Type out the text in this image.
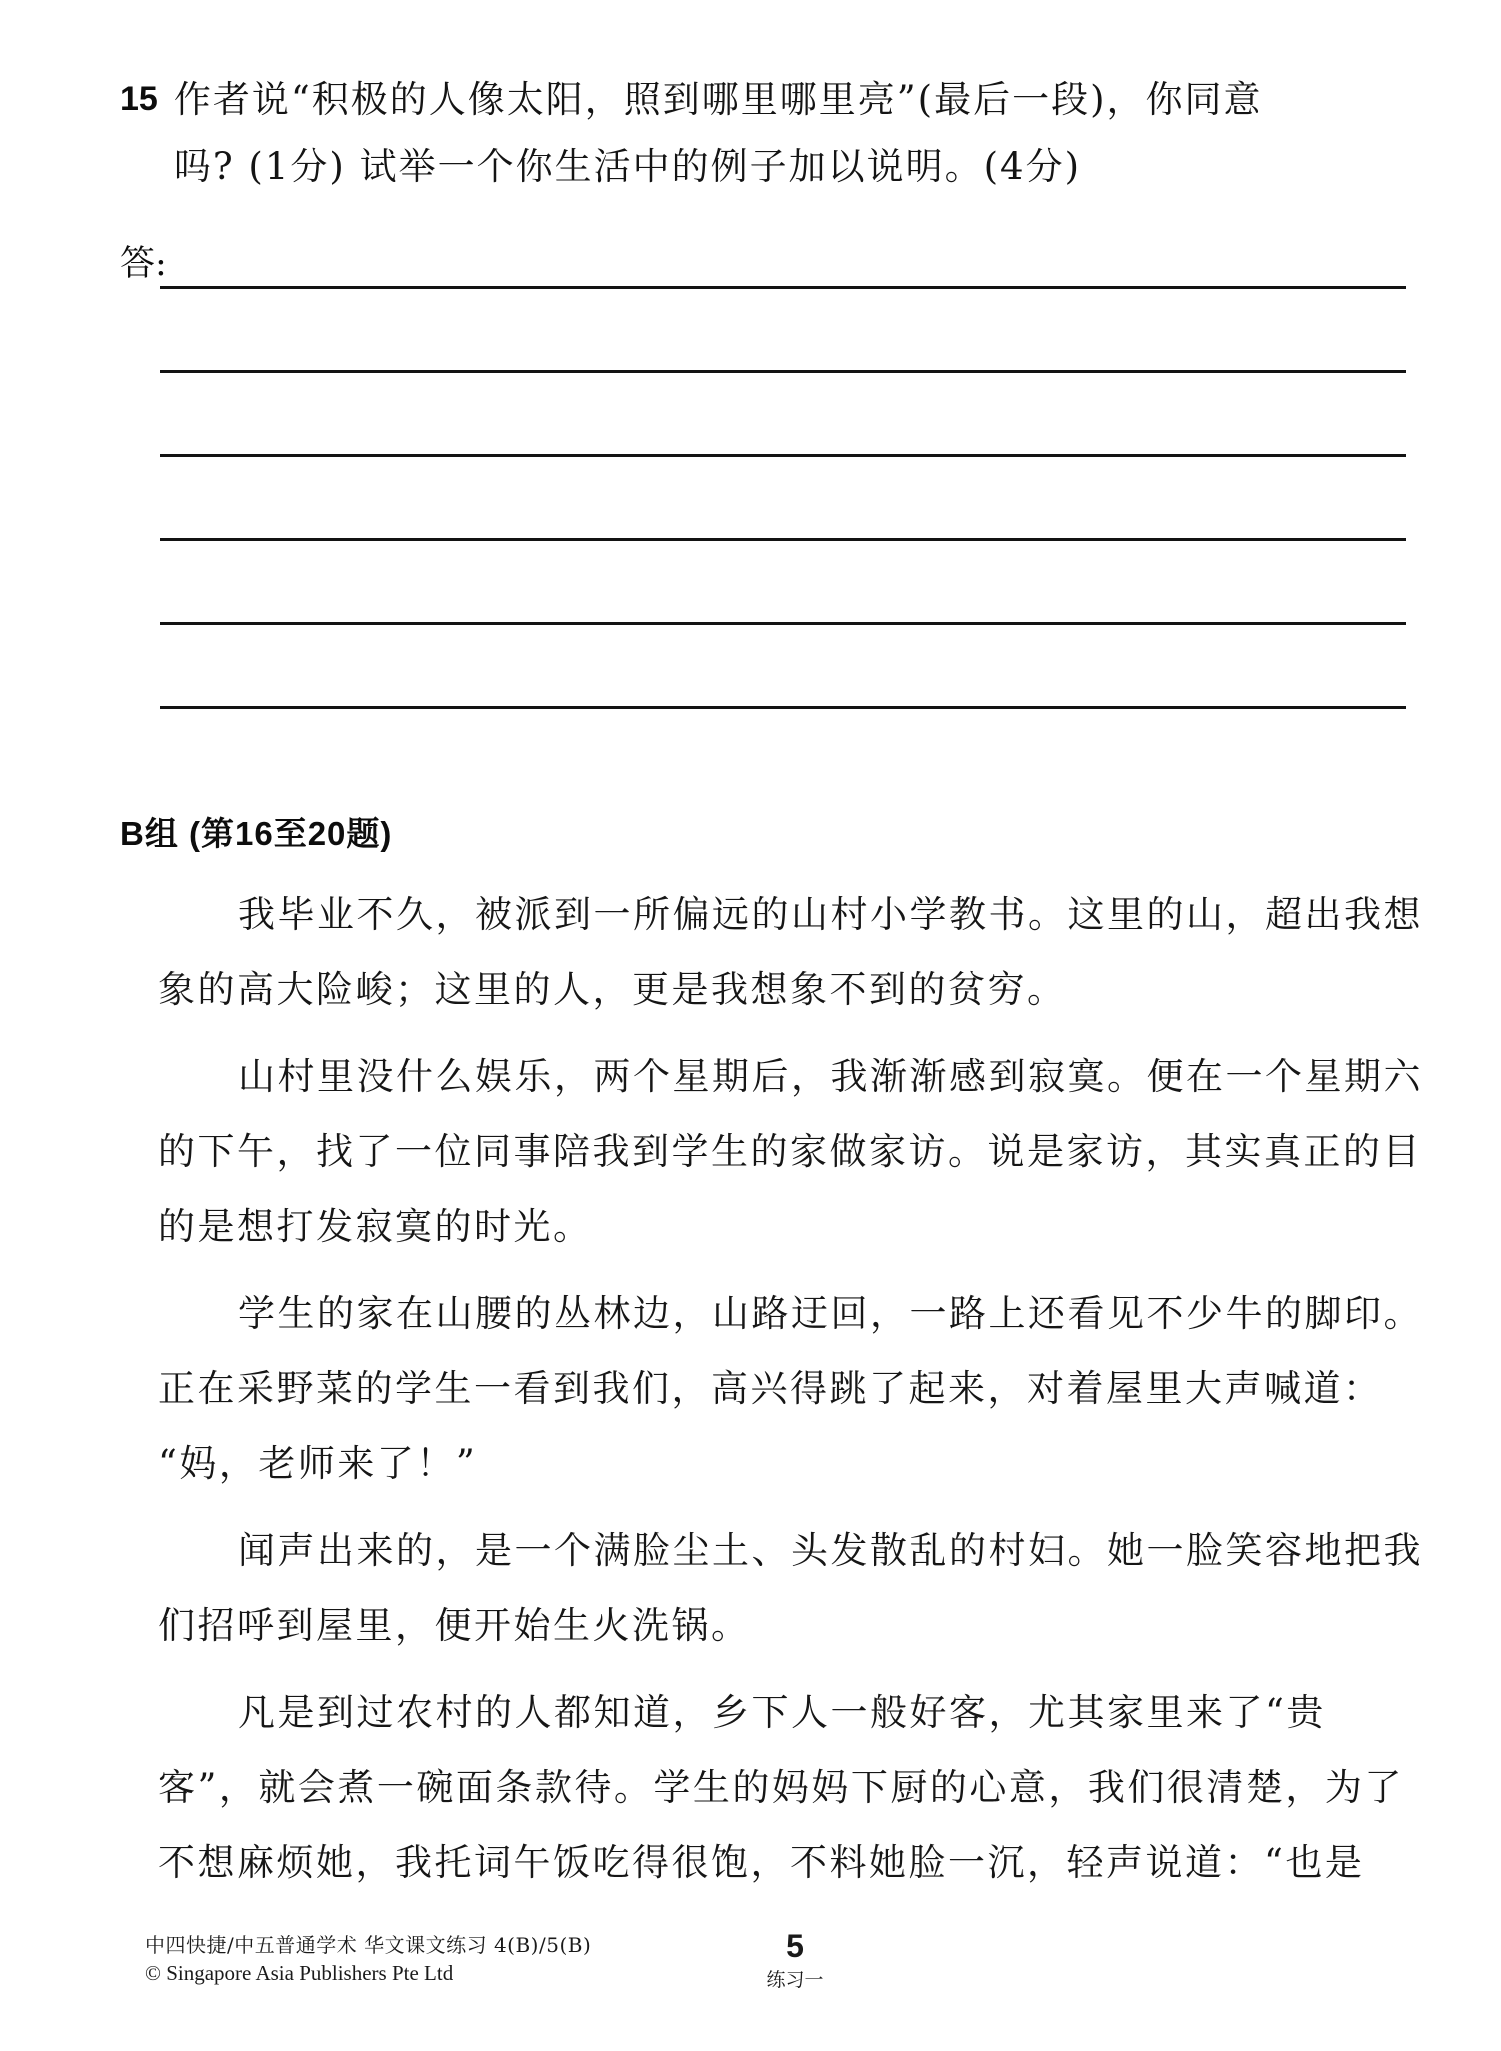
15 作者说“积极的人像太阳，照到哪里哪里亮”(最后一段)，你同意
吗? (1分) 试举一个你生活中的例子加以说明。(4分)
答:
B组 (第16至20题)
我毕业不久，被派到一所偏远的山村小学教书。这里的山，超出我想
象的高大险峻；这里的人，更是我想象不到的贫穷。
山村里没什么娱乐，两个星期后，我渐渐感到寂寞。便在一个星期六
的下午，找了一位同事陪我到学生的家做家访。说是家访，其实真正的目
的是想打发寂寞的时光。
学生的家在山腰的丛林边，山路迂回，一路上还看见不少牛的脚印。
正在采野菜的学生一看到我们，高兴得跳了起来，对着屋里大声喊道：
“妈，老师来了！”
闻声出来的，是一个满脸尘土、头发散乱的村妇。她一脸笑容地把我
们招呼到屋里，便开始生火洗锅。
凡是到过农村的人都知道，乡下人一般好客，尤其家里来了“贵
客”，就会煮一碗面条款待。学生的妈妈下厨的心意，我们很清楚，为了
不想麻烦她，我托词午饭吃得很饱，不料她脸一沉，轻声说道：“也是
中四快捷/中五普通学术 华文课文练习 4(B)/5(B)
© Singapore Asia Publishers Pte Ltd
5
练习一
